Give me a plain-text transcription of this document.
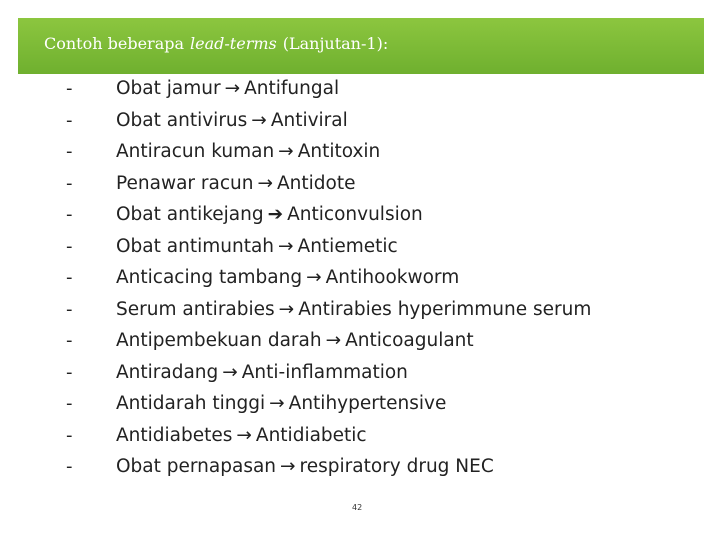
Contoh beberapa lead-terms (Lanjutan-1):
- Obat jamur → Antifungal
- Obat antivirus → Antiviral
- Antiracun kuman → Antitoxin
- Penawar racun → Antidote
- Obat antikejang ➔ Anticonvulsion
- Obat antimuntah → Antiemetic
- Anticacing tambang → Antihookworm
- Serum antirabies → Antirabies hyperimmune serum
- Antipembekuan darah → Anticoagulant
- Antiradang → Anti-inflammation
- Antidarah tinggi → Antihypertensive
- Antidiabetes → Antidiabetic
- Obat pernapasan → respiratory drug NEC
42
